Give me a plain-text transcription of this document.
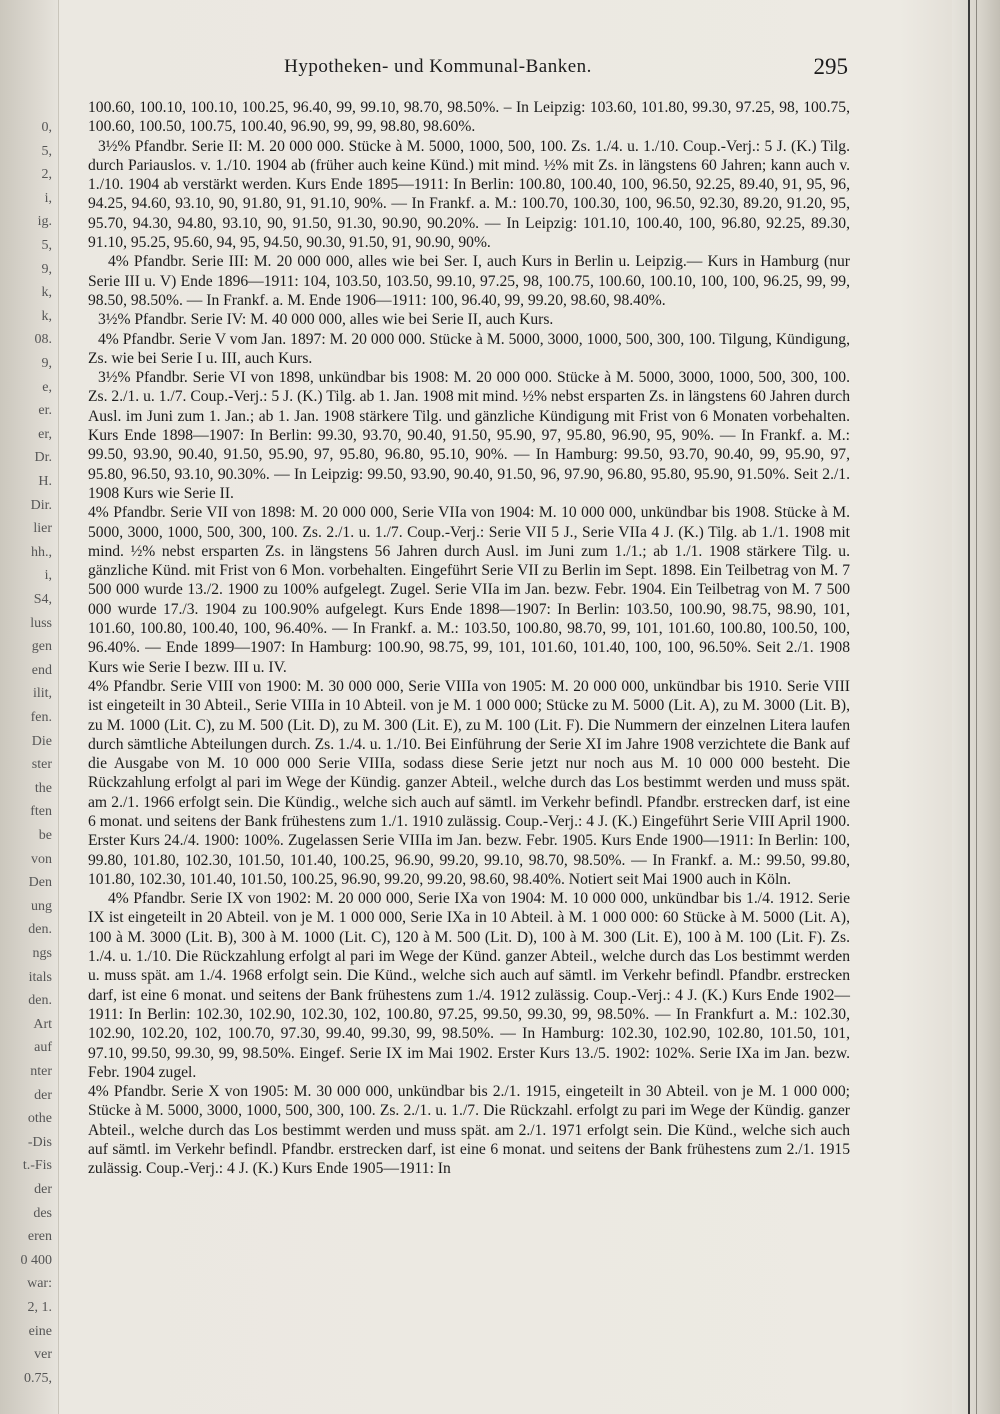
0,
5,
2,
i,
ig.
5,
9,
k,
k,
08.
9,
e,
er.
er,
Dr.
H.
Dir.
lier
hh.,
i,
S4,
luss
gen
end
ilit,
fen.
Die
ster
the
ften
be
von
Den
ung
den.
ngs
itals
den.
Art
auf
nter
der
othe
-Dis
t.-Fis
der
des
eren
0 400
war:
2, 1.
eine
ver
0.75,
Hypotheken- und Kommunal-Banken.	295

100.60, 100.10, 100.10, 100.25, 96.40, 99, 99.10, 98.70, 98.50%. – In Leipzig: 103.60, 101.80, 99.30, 97.25, 98, 100.75, 100.60, 100.50, 100.75, 100.40, 96.90, 99, 99, 98.80, 98.60%.

3½% Pfandbr. Serie II: M. 20 000 000. Stücke à M. 5000, 1000, 500, 100. Zs. 1./4. u. 1./10. Coup.-Verj.: 5 J. (K.) Tilg. durch Pariauslos. v. 1./10. 1904 ab (früher auch keine Künd.) mit mind. ½% mit Zs. in längstens 60 Jahren; kann auch v. 1./10. 1904 ab verstärkt werden. Kurs Ende 1895—1911: In Berlin: 100.80, 100.40, 100, 96.50, 92.25, 89.40, 91, 95, 96, 94.25, 94.60, 93.10, 90, 91.80, 91, 91.10, 90%. — In Frankf. a. M.: 100.70, 100.30, 100, 96.50, 92.30, 89.20, 91.20, 95, 95.70, 94.30, 94.80, 93.10, 90, 91.50, 91.30, 90.90, 90.20%. — In Leipzig: 101.10, 100.40, 100, 96.80, 92.25, 89.30, 91.10, 95.25, 95.60, 94, 95, 94.50, 90.30, 91.50, 91, 90.90, 90%.

4% Pfandbr. Serie III: M. 20 000 000, alles wie bei Ser. I, auch Kurs in Berlin u. Leipzig.— Kurs in Hamburg (nur Serie III u. V) Ende 1896—1911: 104, 103.50, 103.50, 99.10, 97.25, 98, 100.75, 100.60, 100.10, 100, 100, 96.25, 99, 99, 98.50, 98.50%. — In Frankf. a. M. Ende 1906—1911: 100, 96.40, 99, 99.20, 98.60, 98.40%.

3½% Pfandbr. Serie IV: M. 40 000 000, alles wie bei Serie II, auch Kurs.

4% Pfandbr. Serie V vom Jan. 1897: M. 20 000 000. Stücke à M. 5000, 3000, 1000, 500, 300, 100. Tilgung, Kündigung, Zs. wie bei Serie I u. III, auch Kurs.

3½% Pfandbr. Serie VI von 1898, unkündbar bis 1908: M. 20 000 000. Stücke à M. 5000, 3000, 1000, 500, 300, 100. Zs. 2./1. u. 1./7. Coup.-Verj.: 5 J. (K.) Tilg. ab 1. Jan. 1908 mit mind. ½% nebst ersparten Zs. in längstens 60 Jahren durch Ausl. im Juni zum 1. Jan.; ab 1. Jan. 1908 stärkere Tilg. und gänzliche Kündigung mit Frist von 6 Monaten vorbehalten. Kurs Ende 1898—1907: In Berlin: 99.30, 93.70, 90.40, 91.50, 95.90, 97, 95.80, 96.90, 95, 90%. — In Frankf. a. M.: 99.50, 93.90, 90.40, 91.50, 95.90, 97, 95.80, 96.80, 95.10, 90%. — In Hamburg: 99.50, 93.70, 90.40, 99, 95.90, 97, 95.80, 96.50, 93.10, 90.30%. — In Leipzig: 99.50, 93.90, 90.40, 91.50, 96, 97.90, 96.80, 95.80, 95.90, 91.50%. Seit 2./1. 1908 Kurs wie Serie II.

4% Pfandbr. Serie VII von 1898: M. 20 000 000, Serie VIIa von 1904: M. 10 000 000, unkündbar bis 1908. Stücke à M. 5000, 3000, 1000, 500, 300, 100. Zs. 2./1. u. 1./7. Coup.-Verj.: Serie VII 5 J., Serie VIIa 4 J. (K.) Tilg. ab 1./1. 1908 mit mind. ½% nebst ersparten Zs. in längstens 56 Jahren durch Ausl. im Juni zum 1./1.; ab 1./1. 1908 stärkere Tilg. u. gänzliche Künd. mit Frist von 6 Mon. vorbehalten. Eingeführt Serie VII zu Berlin im Sept. 1898. Ein Teilbetrag von M. 7 500 000 wurde 13./2. 1900 zu 100% aufgelegt. Zugel. Serie VIIa im Jan. bezw. Febr. 1904. Ein Teilbetrag von M. 7 500 000 wurde 17./3. 1904 zu 100.90% aufgelegt. Kurs Ende 1898—1907: In Berlin: 103.50, 100.90, 98.75, 98.90, 101, 101.60, 100.80, 100.40, 100, 96.40%. — In Frankf. a. M.: 103.50, 100.80, 98.70, 99, 101, 101.60, 100.80, 100.50, 100, 96.40%. — Ende 1899—1907: In Hamburg: 100.90, 98.75, 99, 101, 101.60, 101.40, 100, 100, 96.50%. Seit 2./1. 1908 Kurs wie Serie I bezw. III u. IV.

4% Pfandbr. Serie VIII von 1900: M. 30 000 000, Serie VIIIa von 1905: M. 20 000 000, unkündbar bis 1910. Serie VIII ist eingeteilt in 30 Abteil., Serie VIIIa in 10 Abteil. von je M. 1 000 000; Stücke zu M. 5000 (Lit. A), zu M. 3000 (Lit. B), zu M. 1000 (Lit. C), zu M. 500 (Lit. D), zu M. 300 (Lit. E), zu M. 100 (Lit. F). Die Nummern der einzelnen Litera laufen durch sämtliche Abteilungen durch. Zs. 1./4. u. 1./10. Bei Einführung der Serie XI im Jahre 1908 verzichtete die Bank auf die Ausgabe von M. 10 000 000 Serie VIIIa, sodass diese Serie jetzt nur noch aus M. 10 000 000 besteht. Die Rückzahlung erfolgt al pari im Wege der Kündig. ganzer Abteil., welche durch das Los bestimmt werden und muss spät. am 2./1. 1966 erfolgt sein. Die Kündig., welche sich auch auf sämtl. im Verkehr befindl. Pfandbr. erstrecken darf, ist eine 6 monat. und seitens der Bank frühestens zum 1./1. 1910 zulässig. Coup.-Verj.: 4 J. (K.) Eingeführt Serie VIII April 1900. Erster Kurs 24./4. 1900: 100%. Zugelassen Serie VIIIa im Jan. bezw. Febr. 1905. Kurs Ende 1900—1911: In Berlin: 100, 99.80, 101.80, 102.30, 101.50, 101.40, 100.25, 96.90, 99.20, 99.10, 98.70, 98.50%. — In Frankf. a. M.: 99.50, 99.80, 101.80, 102.30, 101.40, 101.50, 100.25, 96.90, 99.20, 99.20, 98.60, 98.40%. Notiert seit Mai 1900 auch in Köln.

4% Pfandbr. Serie IX von 1902: M. 20 000 000, Serie IXa von 1904: M. 10 000 000, unkündbar bis 1./4. 1912. Serie IX ist eingeteilt in 20 Abteil. von je M. 1 000 000, Serie IXa in 10 Abteil. à M. 1 000 000: 60 Stücke à M. 5000 (Lit. A), 100 à M. 3000 (Lit. B), 300 à M. 1000 (Lit. C), 120 à M. 500 (Lit. D), 100 à M. 300 (Lit. E), 100 à M. 100 (Lit. F). Zs. 1./4. u. 1./10. Die Rückzahlung erfolgt al pari im Wege der Künd. ganzer Abteil., welche durch das Los bestimmt werden u. muss spät. am 1./4. 1968 erfolgt sein. Die Künd., welche sich auch auf sämtl. im Verkehr befindl. Pfandbr. erstrecken darf, ist eine 6 monat. und seitens der Bank frühestens zum 1./4. 1912 zulässig. Coup.-Verj.: 4 J. (K.) Kurs Ende 1902—1911: In Berlin: 102.30, 102.90, 102.30, 102, 100.80, 97.25, 99.50, 99.30, 99, 98.50%. — In Frankfurt a. M.: 102.30, 102.90, 102.20, 102, 100.70, 97.30, 99.40, 99.30, 99, 98.50%. — In Hamburg: 102.30, 102.90, 102.80, 101.50, 101, 97.10, 99.50, 99.30, 99, 98.50%. Eingef. Serie IX im Mai 1902. Erster Kurs 13./5. 1902: 102%. Serie IXa im Jan. bezw. Febr. 1904 zugel.

4% Pfandbr. Serie X von 1905: M. 30 000 000, unkündbar bis 2./1. 1915, eingeteilt in 30 Abteil. von je M. 1 000 000; Stücke à M. 5000, 3000, 1000, 500, 300, 100. Zs. 2./1. u. 1./7. Die Rückzahl. erfolgt zu pari im Wege der Kündig. ganzer Abteil., welche durch das Los bestimmt werden und muss spät. am 2./1. 1971 erfolgt sein. Die Künd., welche sich auch auf sämtl. im Verkehr befindl. Pfandbr. erstrecken darf, ist eine 6 monat. und seitens der Bank frühestens zum 2./1. 1915 zulässig. Coup.-Verj.: 4 J. (K.) Kurs Ende 1905—1911: In
